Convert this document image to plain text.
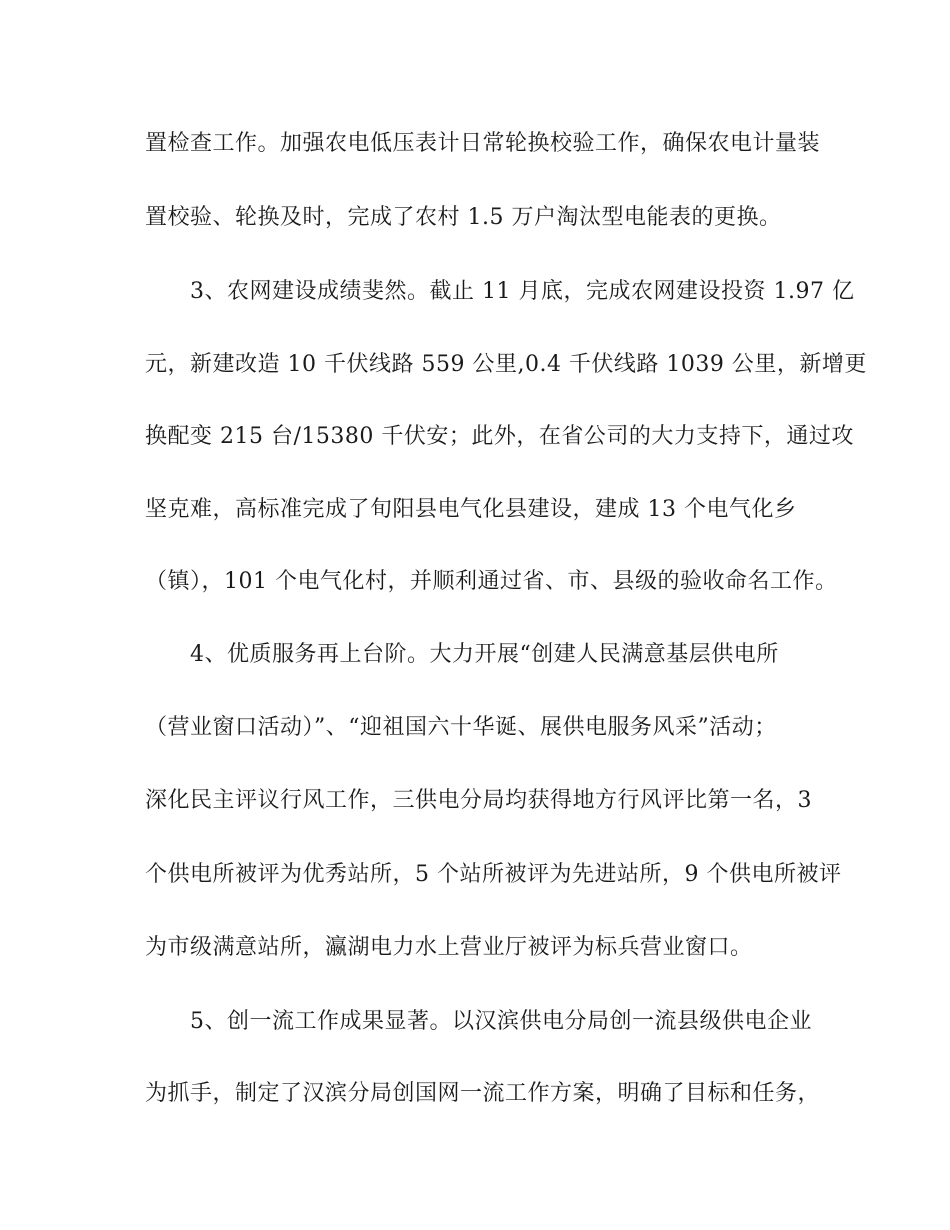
置检查工作。加强农电低压表计日常轮换校验工作，确保农电计量装
置校验、轮换及时，完成了农村 1.5 万户淘汰型电能表的更换。
3、农网建设成绩斐然。截止 11 月底，完成农网建设投资 1.97 亿
元，新建改造 10 千伏线路 559 公里,0.4 千伏线路 1039 公里，新增更
换配变 215 台/15380 千伏安；此外，在省公司的大力支持下，通过攻
坚克难，高标准完成了旬阳县电气化县建设，建成 13 个电气化乡
（镇），101 个电气化村，并顺利通过省、市、县级的验收命名工作。
4、优质服务再上台阶。大力开展“创建人民满意基层供电所
（营业窗口活动）”、“迎祖国六十华诞、展供电服务风采”活动；
深化民主评议行风工作，三供电分局均获得地方行风评比第一名，3
个供电所被评为优秀站所，5 个站所被评为先进站所，9 个供电所被评
为市级满意站所，瀛湖电力水上营业厅被评为标兵营业窗口。
5、创一流工作成果显著。以汉滨供电分局创一流县级供电企业
为抓手，制定了汉滨分局创国网一流工作方案，明确了目标和任务，
